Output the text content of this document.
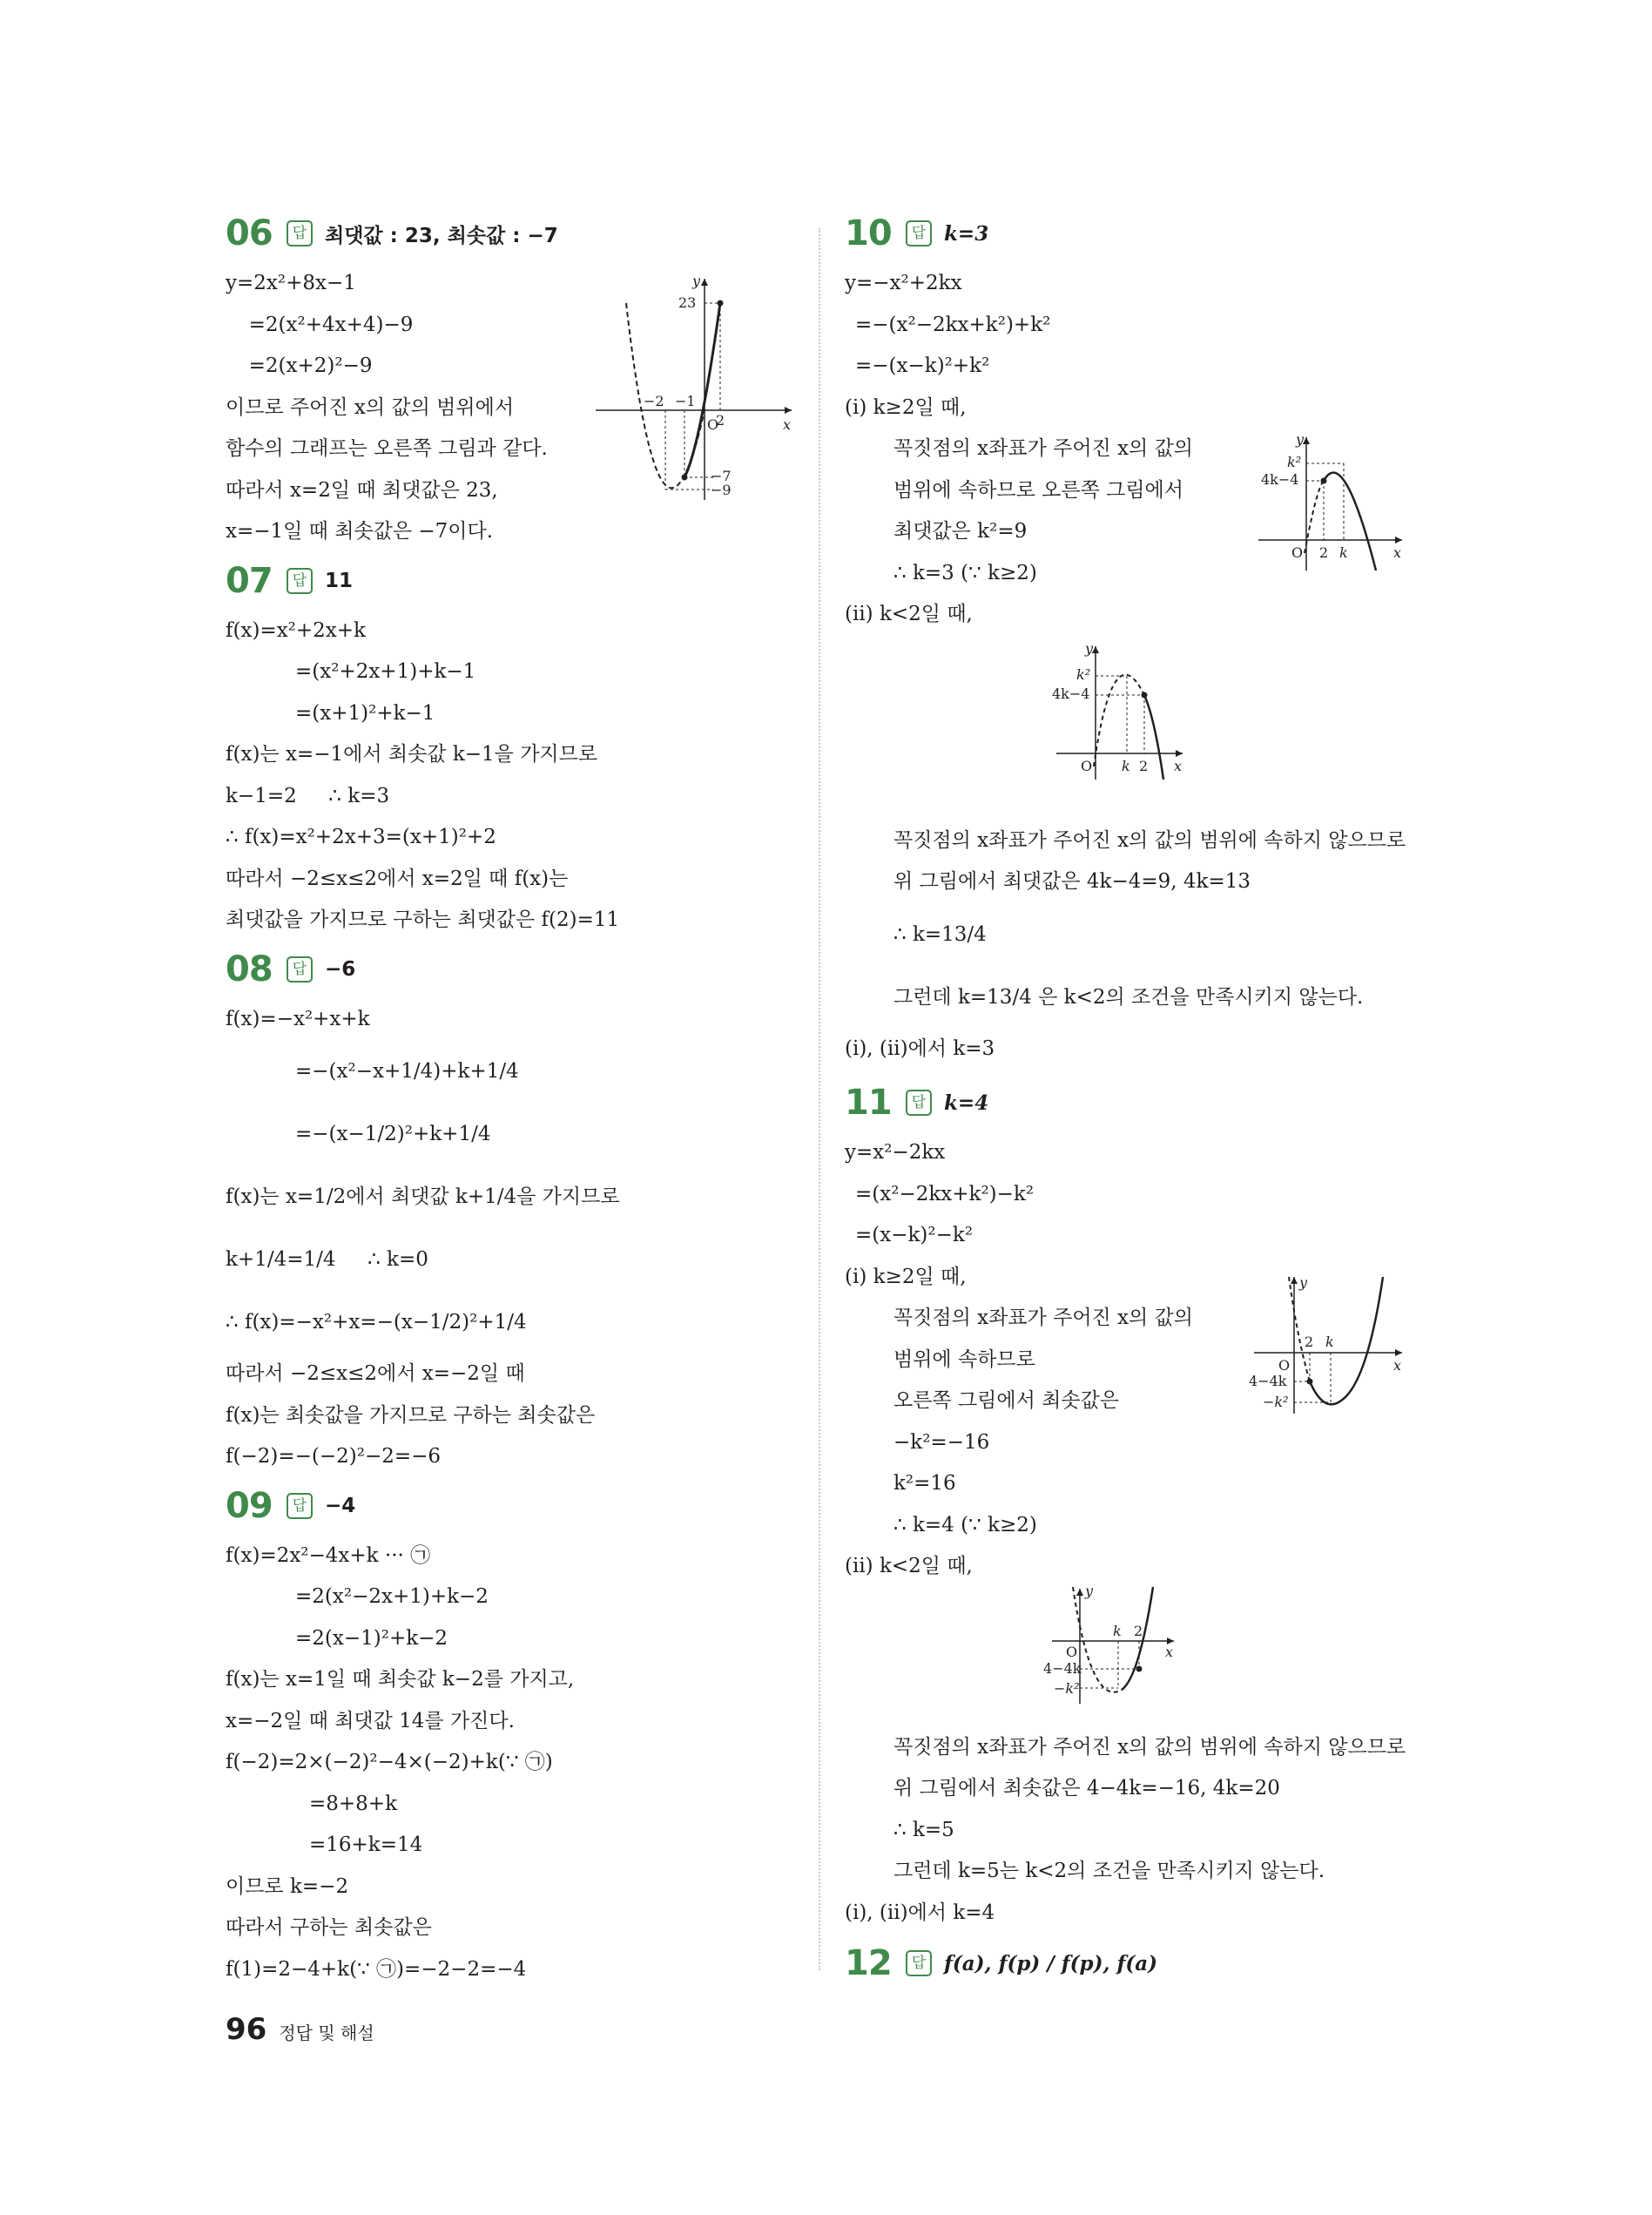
06	답 최댓값 : 23, 최솟값 : −7
y=2x²+8x−1
=2(x²+4x+4)−9
=2(x+2)²−9
이므로 주어진 x의 값의 범위에서
함수의 그래프는 오른쪽 그림과 같다.
따라서 x=2일 때 최댓값은 23,
x=−1일 때 최솟값은 −7이다.
y
x
O
23
−2 −1
2
−7
−9
07	답 11
f(x)=x²+2x+k
=(x²+2x+1)+k−1
=(x+1)²+k−1
f(x)는 x=−1에서 최솟값 k−1을 가지므로
k−1=2     ∴ k=3
∴ f(x)=x²+2x+3=(x+1)²+2
따라서 −2≤x≤2에서 x=2일 때 f(x)는
최댓값을 가지므로 구하는 최댓값은 f(2)=11
08	답 −6
f(x)=−x²+x+k
=−(x²−x+1/4)+k+1/4
=−(x−1/2)²+k+1/4
f(x)는 x=1/2에서 최댓값 k+1/4을 가지므로
k+1/4=1/4     ∴ k=0
∴ f(x)=−x²+x=−(x−1/2)²+1/4
따라서 −2≤x≤2에서 x=−2일 때
f(x)는 최솟값을 가지므로 구하는 최솟값은
f(−2)=−(−2)²−2=−6
09	답 −4
f(x)=2x²−4x+k ··· ㉠
=2(x²−2x+1)+k−2
=2(x−1)²+k−2
f(x)는 x=1일 때 최솟값 k−2를 가지고,
x=−2일 때 최댓값 14를 가진다.
f(−2)=2×(−2)²−4×(−2)+k(∵ ㉠)
=8+8+k
=16+k=14
이므로 k=−2
따라서 구하는 최솟값은
f(1)=2−4+k(∵ ㉠)=−2−2=−4
10	답 k=3
y=−x²+2kx
=−(x²−2kx+k²)+k²
=−(x−k)²+k²
(ⅰ) k≥2일 때,
꼭짓점의 x좌표가 주어진 x의 값의
범위에 속하므로 오른쪽 그림에서
최댓값은 k²=9
∴ k=3 (∵ k≥2)
(ⅱ) k<2일 때,
꼭짓점의 x좌표가 주어진 x의 값의 범위에 속하지 않으므로
위 그림에서 최댓값은 4k−4=9, 4k=13
∴ k=13/4
그런데 k=13/4 은 k<2의 조건을 만족시키지 않는다.
(ⅰ), (ⅱ)에서 k=3
y
x
O
k²
4k−4
2 k
y
x
O
k²
4k−4
k 2
11	답 k=4
y=x²−2kx
=(x²−2kx+k²)−k²
=(x−k)²−k²
(ⅰ) k≥2일 때,
꼭짓점의 x좌표가 주어진 x의 값의
범위에 속하므로
오른쪽 그림에서 최솟값은
−k²=−16
k²=16
∴ k=4 (∵ k≥2)
(ⅱ) k<2일 때,
꼭짓점의 x좌표가 주어진 x의 값의 범위에 속하지 않으므로
위 그림에서 최솟값은 4−4k=−16, 4k=20
∴ k=5
그런데 k=5는 k<2의 조건을 만족시키지 않는다.
(ⅰ), (ⅱ)에서 k=4
y
x
O
2 k
4−4k
−k²
y
x
O
k 2
4−4k
−k²
12	답 f(a), f(p) / f(p), f(a)
96 정답 및 해설
